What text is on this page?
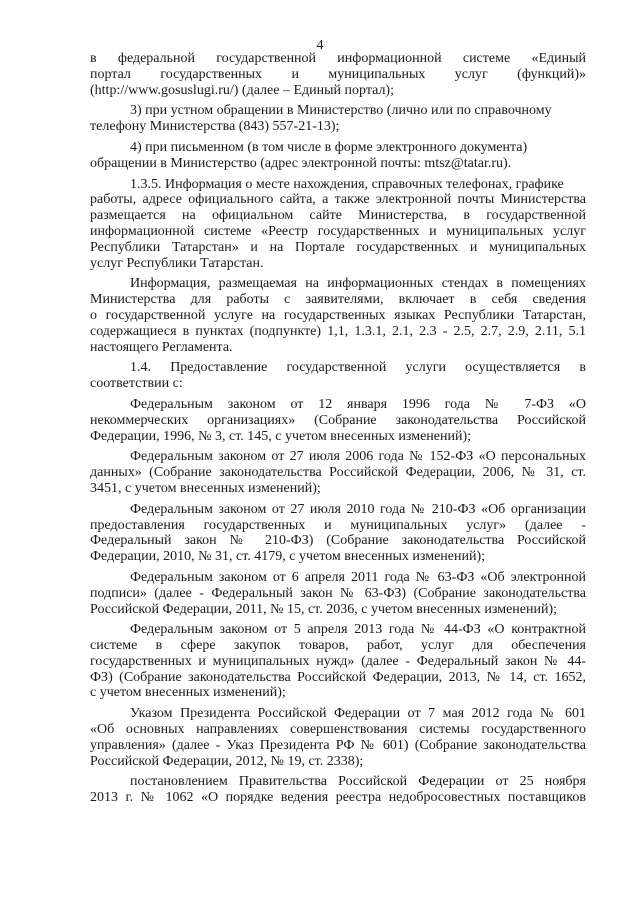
4

в федеральной государственной информационной системе «Единый
портал государственных и муниципальных услуг (функций)»
(http://www.gosuslugi.ru/) (далее – Единый портал);

3) при устном обращении в Министерство (лично или по справочному
телефону Министерства (843) 557-21-13);

4) при письменном (в том числе в форме электронного документа)
обращении в Министерство (адрес электронной почты: mtsz@tatar.ru).

1.3.5. Информация о месте нахождения, справочных телефонах, графике
работы, адресе официального сайта, а также электронной почты Министерства
размещается на официальном сайте Министерства, в государственной
информационной системе «Реестр государственных и муниципальных услуг
Республики Татарстан» и на Портале государственных и муниципальных
услуг Республики Татарстан.

Информация, размещаемая на информационных стендах в помещениях
Министерства для работы с заявителями, включает в себя сведения
о государственной услуге на государственных языках Республики Татарстан,
содержащиеся в пунктах (подпункте) 1,1, 1.3.1, 2.1, 2.3 - 2.5, 2.7, 2.9, 2.11, 5.1
настоящего Регламента.

1.4. Предоставление государственной услуги осуществляется в
соответствии с:

Федеральным законом от 12 января 1996 года № 7-ФЗ «О
некоммерческих организациях» (Собрание законодательства Российской
Федерации, 1996, № 3, ст. 145, с учетом внесенных изменений);

Федеральным законом от 27 июля 2006 года № 152-ФЗ «О персональных
данных» (Собрание законодательства Российской Федерации, 2006, № 31, ст.
3451, с учетом внесенных изменений);

Федеральным законом от 27 июля 2010 года № 210-ФЗ «Об организации
предоставления государственных и муниципальных услуг» (далее -
Федеральный закон № 210-ФЗ) (Собрание законодательства Российской
Федерации, 2010, № 31, ст. 4179, с учетом внесенных изменений);

Федеральным законом от 6 апреля 2011 года № 63-ФЗ «Об электронной
подписи» (далее - Федеральный закон № 63-ФЗ) (Собрание законодательства
Российской Федерации, 2011, № 15, ст. 2036, с учетом внесенных изменений);

Федеральным законом от 5 апреля 2013 года № 44-ФЗ «О контрактной
системе в сфере закупок товаров, работ, услуг для обеспечения
государственных и муниципальных нужд» (далее - Федеральный закон № 44-
ФЗ) (Собрание законодательства Российской Федерации, 2013, № 14, ст. 1652,
с учетом внесенных изменений);

Указом Президента Российской Федерации от 7 мая 2012 года № 601
«Об основных направлениях совершенствования системы государственного
управления» (далее - Указ Президента РФ № 601) (Собрание законодательства
Российской Федерации, 2012, № 19, ст. 2338);

постановлением Правительства Российской Федерации от 25 ноября
2013 г. № 1062 «О порядке ведения реестра недобросовестных поставщиков
